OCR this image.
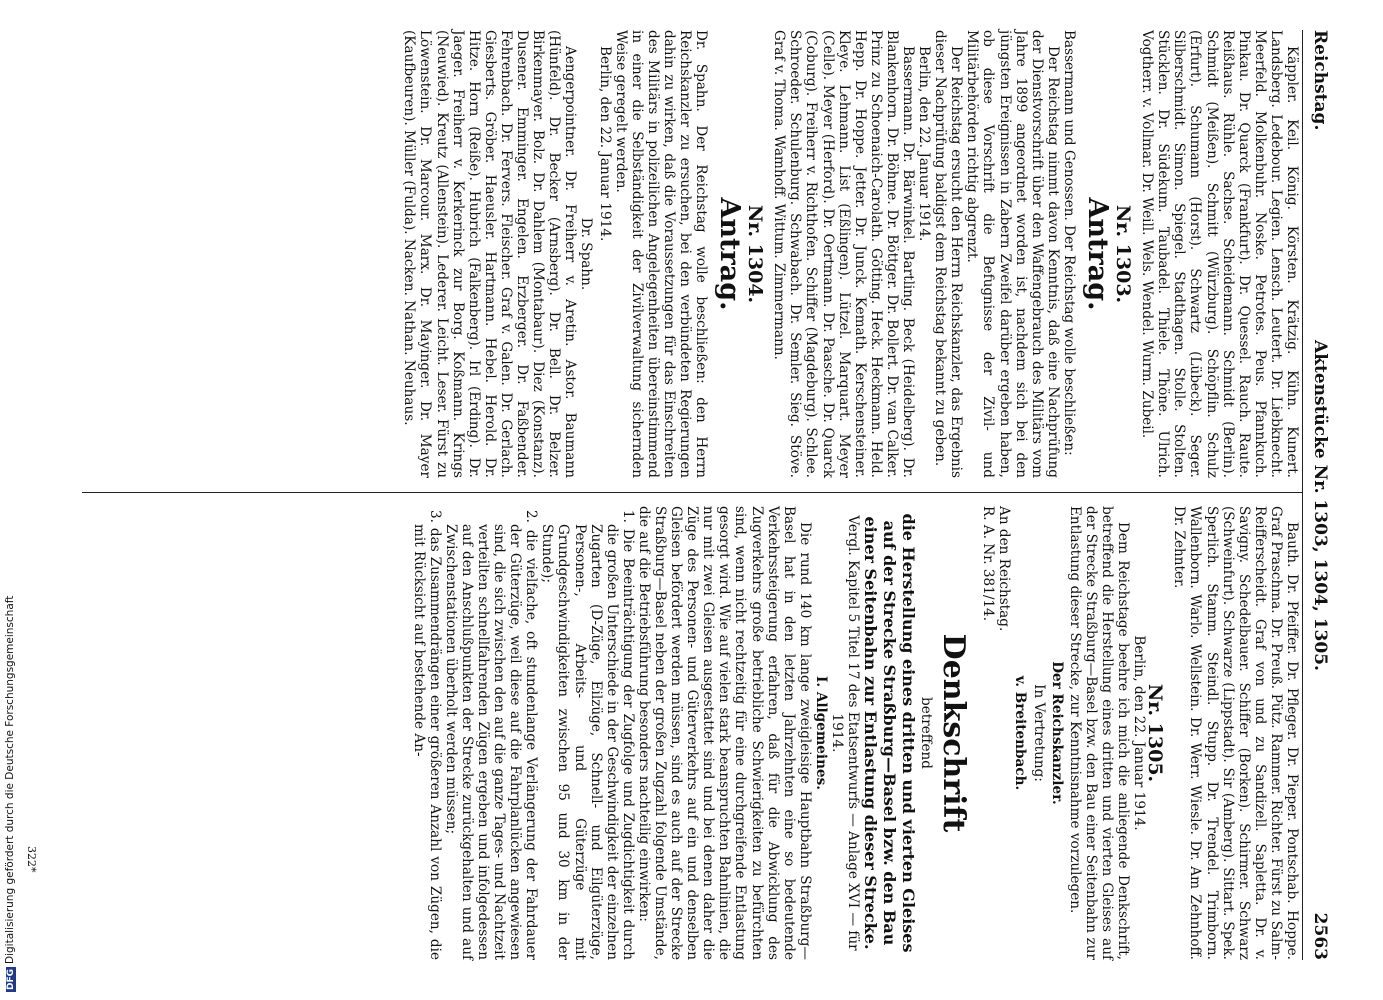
Reichstag.
Aktenstücke Nr. 1303, 1304, 1305.
2563

Käppler. Keil. König. Körsten. Krätzig. Kühn. Kunert. Landsberg. Ledebour. Legien. Lensch. Leutert. Dr. Liebknecht. Meerfeld. Molkenbuhr. Noske. Petrotes. Peus. Pfannkuch. Pinkau. Dr. Quarck (Frankfurt). Dr. Quessel. Rauch. Raute. Reißhaus. Rühle. Sachse. Scheidemann. Schmidt (Berlin). Schmidt (Meißen). Schmitt (Würzburg). Schöpflin. Schulz (Erfurt). Schumann (Horst). Schwartz (Lübeck). Seger. Silberschmidt. Simon. Spiegel. Stadthagen. Stolle. Stolten. Stücklen. Dr. Südekum. Taubadel. Thiele. Thöne. Ulrich. Vogtherr. v. Vollmar. Dr. Weill. Wels. Wendel. Wurm. Zubeil.

Nr. 1303.

Antrag.

Bassermann und Genossen. Der Reichstag wolle beschließen:

Der Reichstag nimmt davon Kenntnis, daß eine Nachprüfung der Dienstvorschrift über den Waffengebrauch des Militärs vom Jahre 1899 angeordnet worden ist, nachdem sich bei den jüngsten Ereignissen in Zabern Zweifel darüber ergeben haben, ob diese Vorschrift die Befugnisse der Zivil- und Militärbehörden richtig abgrenzt.

Der Reichstag ersucht den Herrn Reichskanzler, das Ergebnis dieser Nachprüfung baldigst dem Reichstag bekannt zu geben.

Berlin, den 22. Januar 1914.

Bassermann. Dr. Bärwinkel. Bartling. Beck (Heidelberg). Dr. Blankenhorn. Dr. Böhme. Dr. Böttger. Dr. Bollert. Dr. van Calker. Prinz zu Schoenaich-Carolath. Götting. Heck. Heckmann. Held. Hepp. Dr. Hoppe. Jetter. Dr. Junck. Kemath. Kerschensteiner. Kleye. Lehmann. List (Eßlingen). Lützel. Marquart. Meyer (Celle). Meyer (Herford). Dr. Oertmann. Dr. Paasche. Dr. Quarck (Coburg). Freiherr v. Richthofen. Schiffer (Magdeburg). Schlee. Schroeder. Schulenburg. Schwabach. Dr. Semler. Sieg. Stöve. Graf v. Thoma. Wamhoff. Wittum. Zimmermann.

Nr. 1304.

Antrag.

Dr. Spahn. Der Reichstag wolle beschließen: den Herrn Reichskanzler zu ersuchen, bei den verbündeten Regierungen dahin zu wirken, daß die Voraussetzungen für das Einschreiten des Militärs in polizeilichen Angelegenheiten übereinstimmend in einer die Selbständigkeit der Zivilverwaltung sichernden Weise geregelt werden.

Berlin, den 22. Januar 1914.

Dr. Spahn.

Aengerpointner. Dr. Freiherr v. Aretin. Astor. Baumann (Hünfeld). Dr. Becker (Arnsberg). Dr. Bell. Dr. Belzer. Birkenmayer. Bolz. Dr. Dahlem (Montabaur). Diez (Konstanz). Dusener. Emminger. Engelen. Erzberger. Dr. Faßbender. Fehrenbach. Dr. Fervers. Fleischer. Graf v. Galen. Dr. Gerlach. Giesberts. Gröber. Haeusler. Hartmann. Hebel. Herold. Dr. Hitze. Horn (Reiße). Hubrich (Falkenberg). Irl (Erding). Dr. Jaeger. Freiherr v. Kerkerinck zur Borg. Koßmann. Krings (Neuwied). Kreutz (Allenstein). Lederer. Leicht. Leser. Fürst zu Löwenstein. Dr. Marcour. Marx. Dr. Mayinger. Dr. Mayer (Kaufbeuren). Müller (Fulda). Nacken. Nathan. Neuhaus.

Bauth. Dr. Pfeiffer. Dr. Pfleger. Dr. Pieper. Pontschab. Hoppe. Graf Praschma. Dr. Preuß. Pütz. Rammer. Richter. Fürst zu Salm-Reifferscheidt. Graf von und zu Sandizell. Sapletta. Dr. v. Savigny. Schedelbauer. Schiffer (Borken). Schirmer. Schwarz (Schweinfurt). Schwarze (Lippstadt). Sir (Amberg). Sittart. Spek. Sperlich. Stamm. Steindl. Stupp. Dr. Trendel. Trimborn. Wallenborn. Warlo. Wellstein. Dr. Werr. Wiesle. Dr. Am Zehnhoff. Dr. Zehnter.

Nr. 1305.

Berlin, den 22. Januar 1914.

Dem Reichstage beehre ich mich die anliegende Denkschrift, betreffend die Herstellung eines dritten und vierten Gleises auf der Strecke Straßburg—Basel bzw. den Bau einer Seitenbahn zur Entlastung dieser Strecke, zur Kenntnisnahme vorzulegen.

Der Reichskanzler.

In Vertretung:

v. Breitenbach.

An den Reichstag.

R. A. Nr. 381/14.

Denkschrift

betreffend

die Herstellung eines dritten und vierten Gleises auf der Strecke Straßburg—Basel bzw. den Bau einer Seitenbahn zur Entlastung dieser Strecke.

Vergl. Kapitel 5 Titel 17 des Etatsentwurfs — Anlage XVI — für 1914.

I. Allgemeines.

Die rund 140 km lange zweigleisige Hauptbahn Straßburg—Basel hat in den letzten Jahrzehnten eine so bedeutende Verkehrssteigerung erfahren, daß für die Abwicklung des Zugverkehrs große betriebliche Schwierigkeiten zu befürchten sind, wenn nicht rechtzeitig für eine durchgreifende Entlastung gesorgt wird. Wie auf vielen stark beanspruchten Bahnlinien, die nur mit zwei Gleisen ausgestattet sind und bei denen daher die Züge des Personen- und Güterverkehrs auf ein und denselben Gleisen befördert werden müssen, sind es auch auf der Strecke Straßburg—Basel neben der großen Zugzahl folgende Umstände, die auf die Betriebsführung besonders nachteilig einwirken:

1. Die Beeinträchtigung der Zugfolge und Zugdichtigkeit durch die großen Unterschiede in der Geschwindigkeit der einzelnen Zugarten (D-Züge, Eilzüge, Schnell- und Eilgüterzüge, Personen-, Arbeits- und Güterzüge mit Grundgeschwindigkeiten zwischen 95 und 30 km in der Stunde);

2. die vielfache, oft stundenlange Verlängerung der Fahrdauer der Güterzüge, weil diese auf die Fahrplanlücken angewiesen sind, die sich zwischen den auf die ganze Tages- und Nachtzeit verteilten schnellfahrenden Zügen ergeben und infolgedessen auf den Anschlußpunkten der Strecke zurückgehalten und auf Zwischenstationen überholt werden müssen;

3. das Zusammendrängen einer größeren Anzahl von Zügen, die mit Rücksicht auf bestehende An-

322*
DFGDigitalisierung gefördert durch die Deutsche Forschungsgemeinschaft
